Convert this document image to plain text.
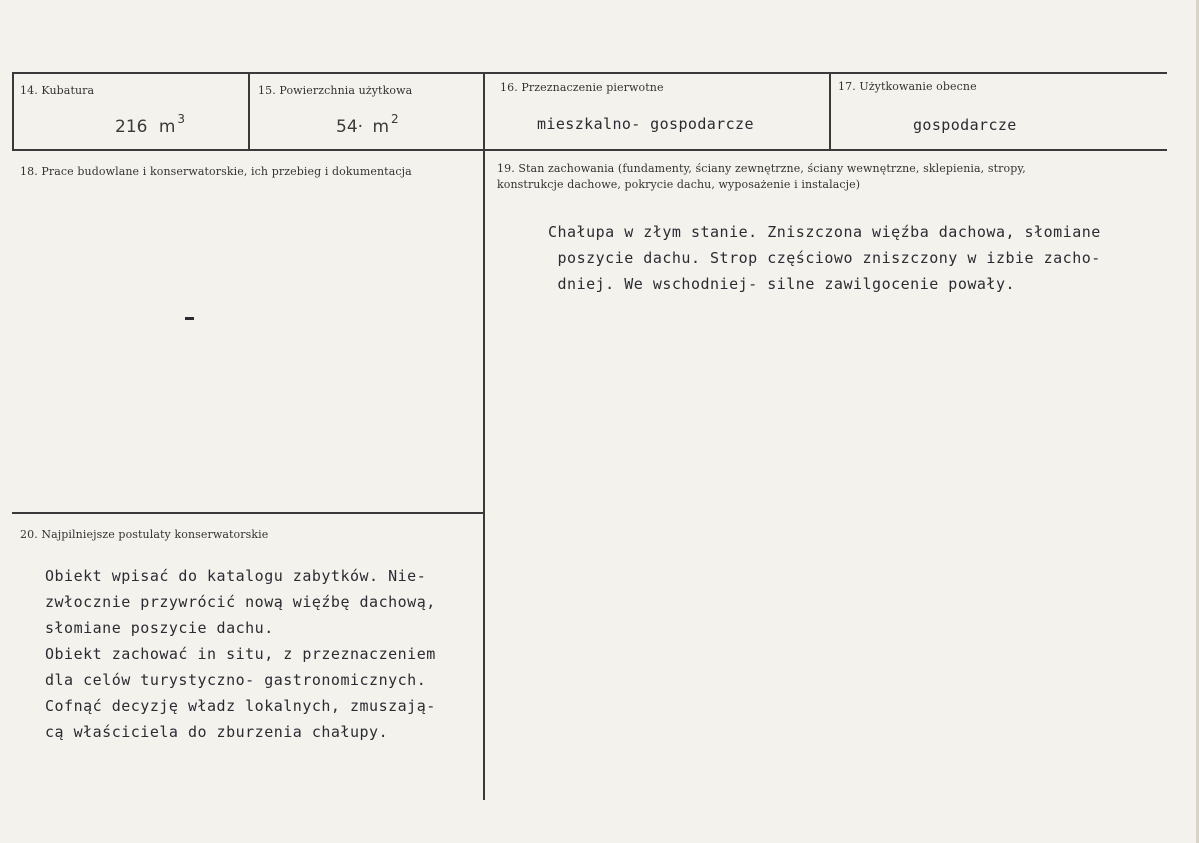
14. Kubatura
216 m $^3$
15. Powierzchnia użytkowa
54· m $^2$
16. Przeznaczenie pierwotne
mieszkalno- gospodarcze
17. Użytkowanie obecne
gospodarcze
18. Prace budowlane i konserwatorskie, ich przebieg i dokumentacja	19. Stan zachowania (fundamenty, ściany zewnętrzne, ściany wewnętrzne, sklepienia, stropy,
konstrukcje dachowe, pokrycie dachu, wyposażenie i instalacje)
Chałupa w złym stanie. Zniszczona więźba dachowa, słomiane
poszycie dachu. Strop częściowo zniszczony w izbie zacho-
dniej. We wschodniej- silne zawilgocenie powały.
20. Najpilniejsze postulaty konserwatorskie
Obiekt wpisać do katalogu zabytków. Nie-
zwłocznie przywrócić nową więźbę dachową,
słomiane poszycie dachu.
Obiekt zachować in situ, z przeznaczeniem
dla celów turystyczno- gastronomicznych.
Cofnąć decyzję władz lokalnych, zmuszają-
cą właściciela do zburzenia chałupy.
